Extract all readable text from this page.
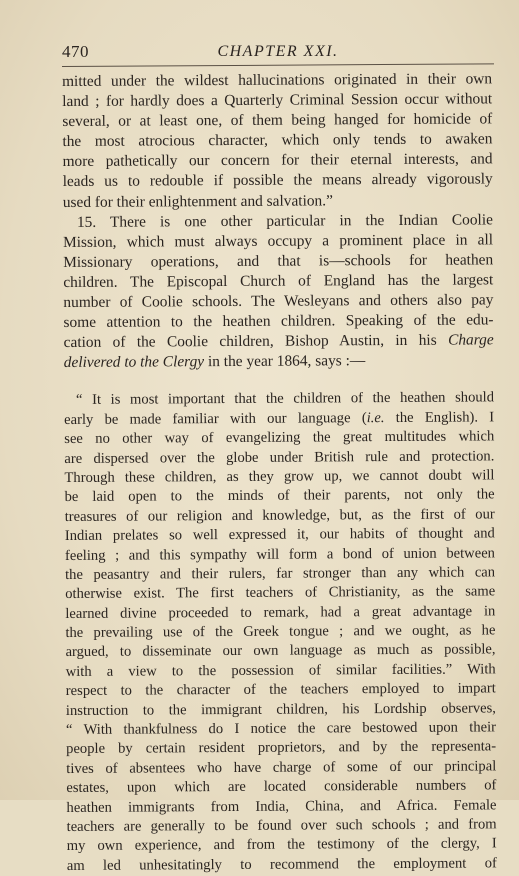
470	CHAPTER XXI.
mitted under the wildest hallucinations originated in their own
land ; for hardly does a Quarterly Criminal Session occur without
several, or at least one, of them being hanged for homicide of
the most atrocious character, which only tends to awaken
more pathetically our concern for their eternal interests, and
leads us to redouble if possible the means already vigorously
used for their enlightenment and salvation.”
15. There is one other particular in the Indian Coolie
Mission, which must always occupy a prominent place in all
Missionary operations, and that is—schools for heathen
children. The Episcopal Church of England has the largest
number of Coolie schools. The Wesleyans and others also pay
some attention to the heathen children. Speaking of the edu-
cation of the Coolie children, Bishop Austin, in his Charge
delivered to the Clergy in the year 1864, says :—
“ It is most important that the children of the heathen should
early be made familiar with our language (i.e. the English). I
see no other way of evangelizing the great multitudes which
are dispersed over the globe under British rule and protection.
Through these children, as they grow up, we cannot doubt will
be laid open to the minds of their parents, not only the
treasures of our religion and knowledge, but, as the first of our
Indian prelates so well expressed it, our habits of thought and
feeling ; and this sympathy will form a bond of union between
the peasantry and their rulers, far stronger than any which can
otherwise exist. The first teachers of Christianity, as the same
learned divine proceeded to remark, had a great advantage in
the prevailing use of the Greek tongue ; and we ought, as he
argued, to disseminate our own language as much as possible,
with a view to the possession of similar facilities.” With
respect to the character of the teachers employed to impart
instruction to the immigrant children, his Lordship observes,
“ With thankfulness do I notice the care bestowed upon their
people by certain resident proprietors, and by the representa-
tives of absentees who have charge of some of our principal
estates, upon which are located considerable numbers of
heathen immigrants from India, China, and Africa. Female
teachers are generally to be found over such schools ; and from
my own experience, and from the testimony of the clergy, I
am led unhesitatingly to recommend the employment of
